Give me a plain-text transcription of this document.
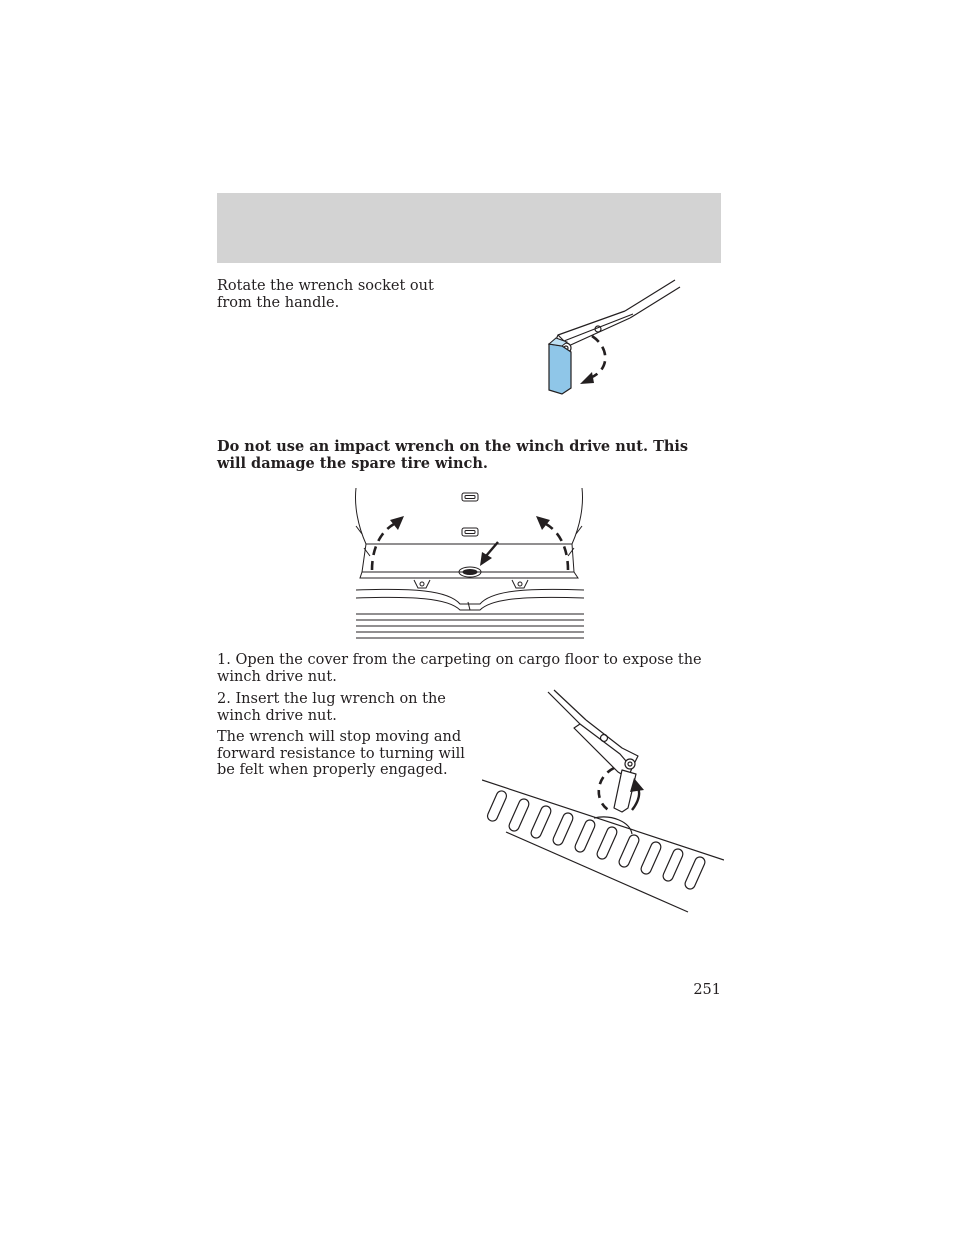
Rotate the wrench socket out from the handle.

Do not use an impact wrench on the winch drive nut. This will damage the spare tire winch.

1. Open the cover from the carpeting on cargo floor to expose the winch drive nut.

2. Insert the lug wrench on the winch drive nut.

The wrench will stop moving and forward resistance to turning will be felt when properly engaged.

251
